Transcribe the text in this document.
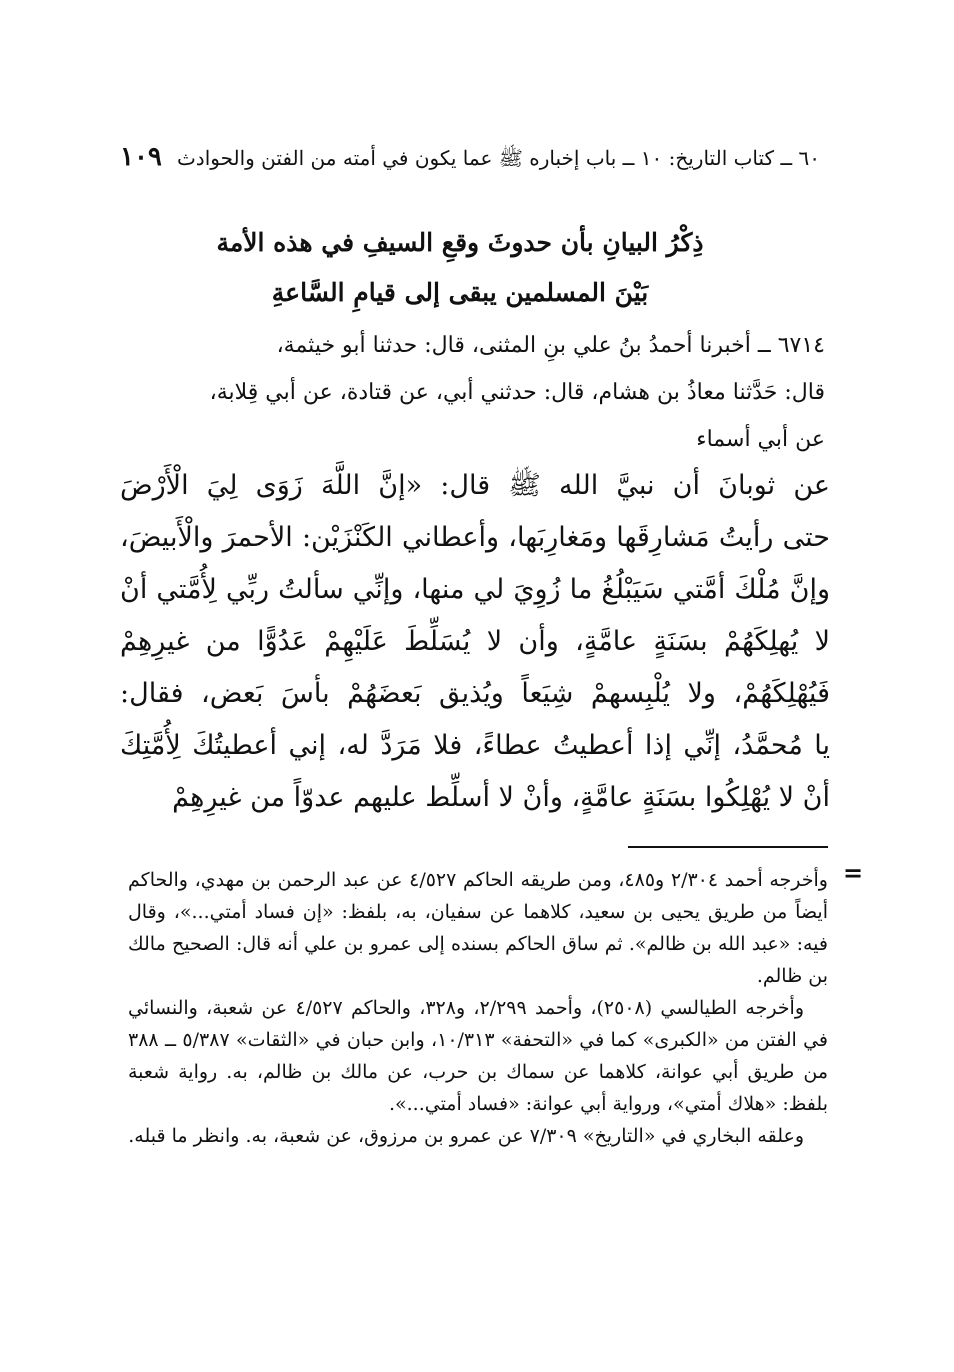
٦٠ ــ كتاب التاريخ: ١٠ ــ باب إخباره ﷺ عما يكون في أمته من الفتن والحوادث
١٠٩
ذِكْرُ البيانِ بأن حدوثَ وقعِ السيفِ في هذه الأمة
بَيْنَ المسلمين يبقى إلى قيامِ السَّاعةِ

٦٧١٤ ــ أخبرنا أحمدُ بنُ علي بنِ المثنى، قال: حدثنا أبو خيثمة،

قال: حَدَّثنا معاذُ بن هشام، قال: حدثني أبي، عن قتادة، عن أبي قِلابة،

عن أبي أسماء

عن ثوبانَ أن نبيَّ الله ﷺ قال: «إنَّ اللَّهَ زَوَى لِيَ الْأَرْضَ

حتى رأيتُ مَشارِقَها ومَغارِبَها، وأعطاني الكَنْزَيْن: الأحمرَ والْأَبيضَ،

وإنَّ مُلْكَ أمَّتي سَيَبْلُغُ ما زُوِيَ لي منها، وإنِّي سألتُ ربِّي لِأُمَّتي أنْ

لا يُهلِكَهُمْ بسَنَةٍ عامَّةٍ، وأن لا يُسَلِّطَ عَلَيْهِمْ عَدُوًّا من غيرِهِمْ

فَيُهْلِكَهُمْ، ولا يُلْبِسهمْ شِيَعاً ويُذيق بَعضَهُمْ بأسَ بَعض، فقال:

يا مُحمَّدُ، إنِّي إذا أعطيتُ عطاءً، فلا مَرَدَّ له، إني أعطيتُكَ لِأُمَّتِكَ

أنْ لا يُهْلِكُوا بسَنَةٍ عامَّةٍ، وأنْ لا أسلِّط عليهم عدوّاً من غيرِهِمْ

=

وأخرجه أحمد ٢/٣٠٤ و٤٨٥، ومن طريقه الحاكم ٤/٥٢٧ عن عبد الرحمن بن مهدي، والحاكم أيضاً من طريق يحيى بن سعيد، كلاهما عن سفيان، به، بلفظ: «إن فساد أمتي...»، وقال فيه: «عبد الله بن ظالم». ثم ساق الحاكم بسنده إلى عمرو بن علي أنه قال: الصحيح مالك بن ظالم.

وأخرجه الطيالسي (٢٥٠٨)، وأحمد ٢/٢٩٩، و٣٢٨، والحاكم ٤/٥٢٧ عن شعبة، والنسائي في الفتن من «الكبرى» كما في «التحفة» ١٠/٣١٣، وابن حبان في «الثقات» ٥/٣٨٧ ــ ٣٨٨ من طريق أبي عوانة، كلاهما عن سماك بن حرب، عن مالك بن ظالم، به. رواية شعبة بلفظ: «هلاك أمتي»، ورواية أبي عوانة: «فساد أمتي...».

وعلقه البخاري في «التاريخ» ٧/٣٠٩ عن عمرو بن مرزوق، عن شعبة، به. وانظر ما قبله.
